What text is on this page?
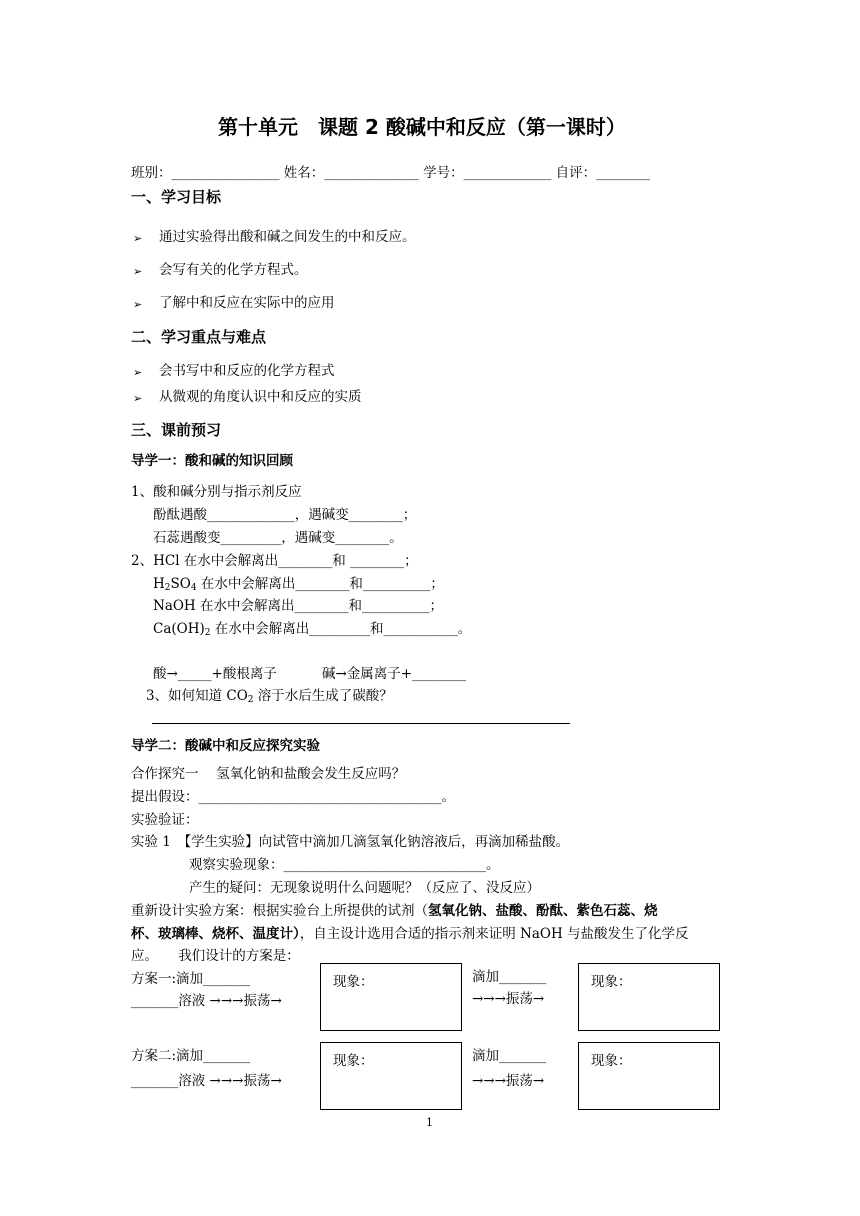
第十单元　课题 2 酸碱中和反应（第一课时）
班别：________________ 姓名：______________ 学号：_____________ 自评：________
一、学习目标
➢ 通过实验得出酸和碱之间发生的中和反应。
➢ 会写有关的化学方程式。
➢ 了解中和反应在实际中的应用
二、学习重点与难点
➢ 会书写中和反应的化学方程式
➢ 从微观的角度认识中和反应的实质
三、课前预习
导学一：酸和碱的知识回顾
1、酸和碱分别与指示剂反应
酚酞遇酸_____________，遇碱变________；
石蕊遇酸变_________，遇碱变________。
2、HCl 在水中会解离出________和 ________；
$H_2SO_4$ 在水中会解离出________和__________；
NaOH 在水中会解离出________和__________；
$Ca(OH)_2$ 在水中会解离出_________和___________。
酸→_____+酸根离子	碱→金属离子+________
3、如何知道 $CO_2$ 溶于水后生成了碳酸？
导学二：酸碱中和反应探究实验
合作探究一　 氢氧化钠和盐酸会发生反应吗？
提出假设：____________________________________。
实验验证：
实验 1　【学生实验】向试管中滴加几滴氢氧化钠溶液后，再滴加稀盐酸。
观察实验现象：______________________________。
产生的疑问：无现象说明什么问题呢？（反应了、没反应）
重新设计实验方案：根据实验台上所提供的试剂（氢氧化钠、盐酸、酚酞、紫色石蕊、烧
杯、玻璃棒、烧杯、温度计），自主设计选用合适的指示剂来证明 NaOH 与盐酸发生了化学反
应。　　我们设计的方案是：
方案一:滴加_______
_______溶液 →→→振荡→
现象：	滴加_______
→→→振荡→
现象：
方案二:滴加_______
_______溶液 →→→振荡→
现象：	滴加_______
→→→振荡→
现象：
1
